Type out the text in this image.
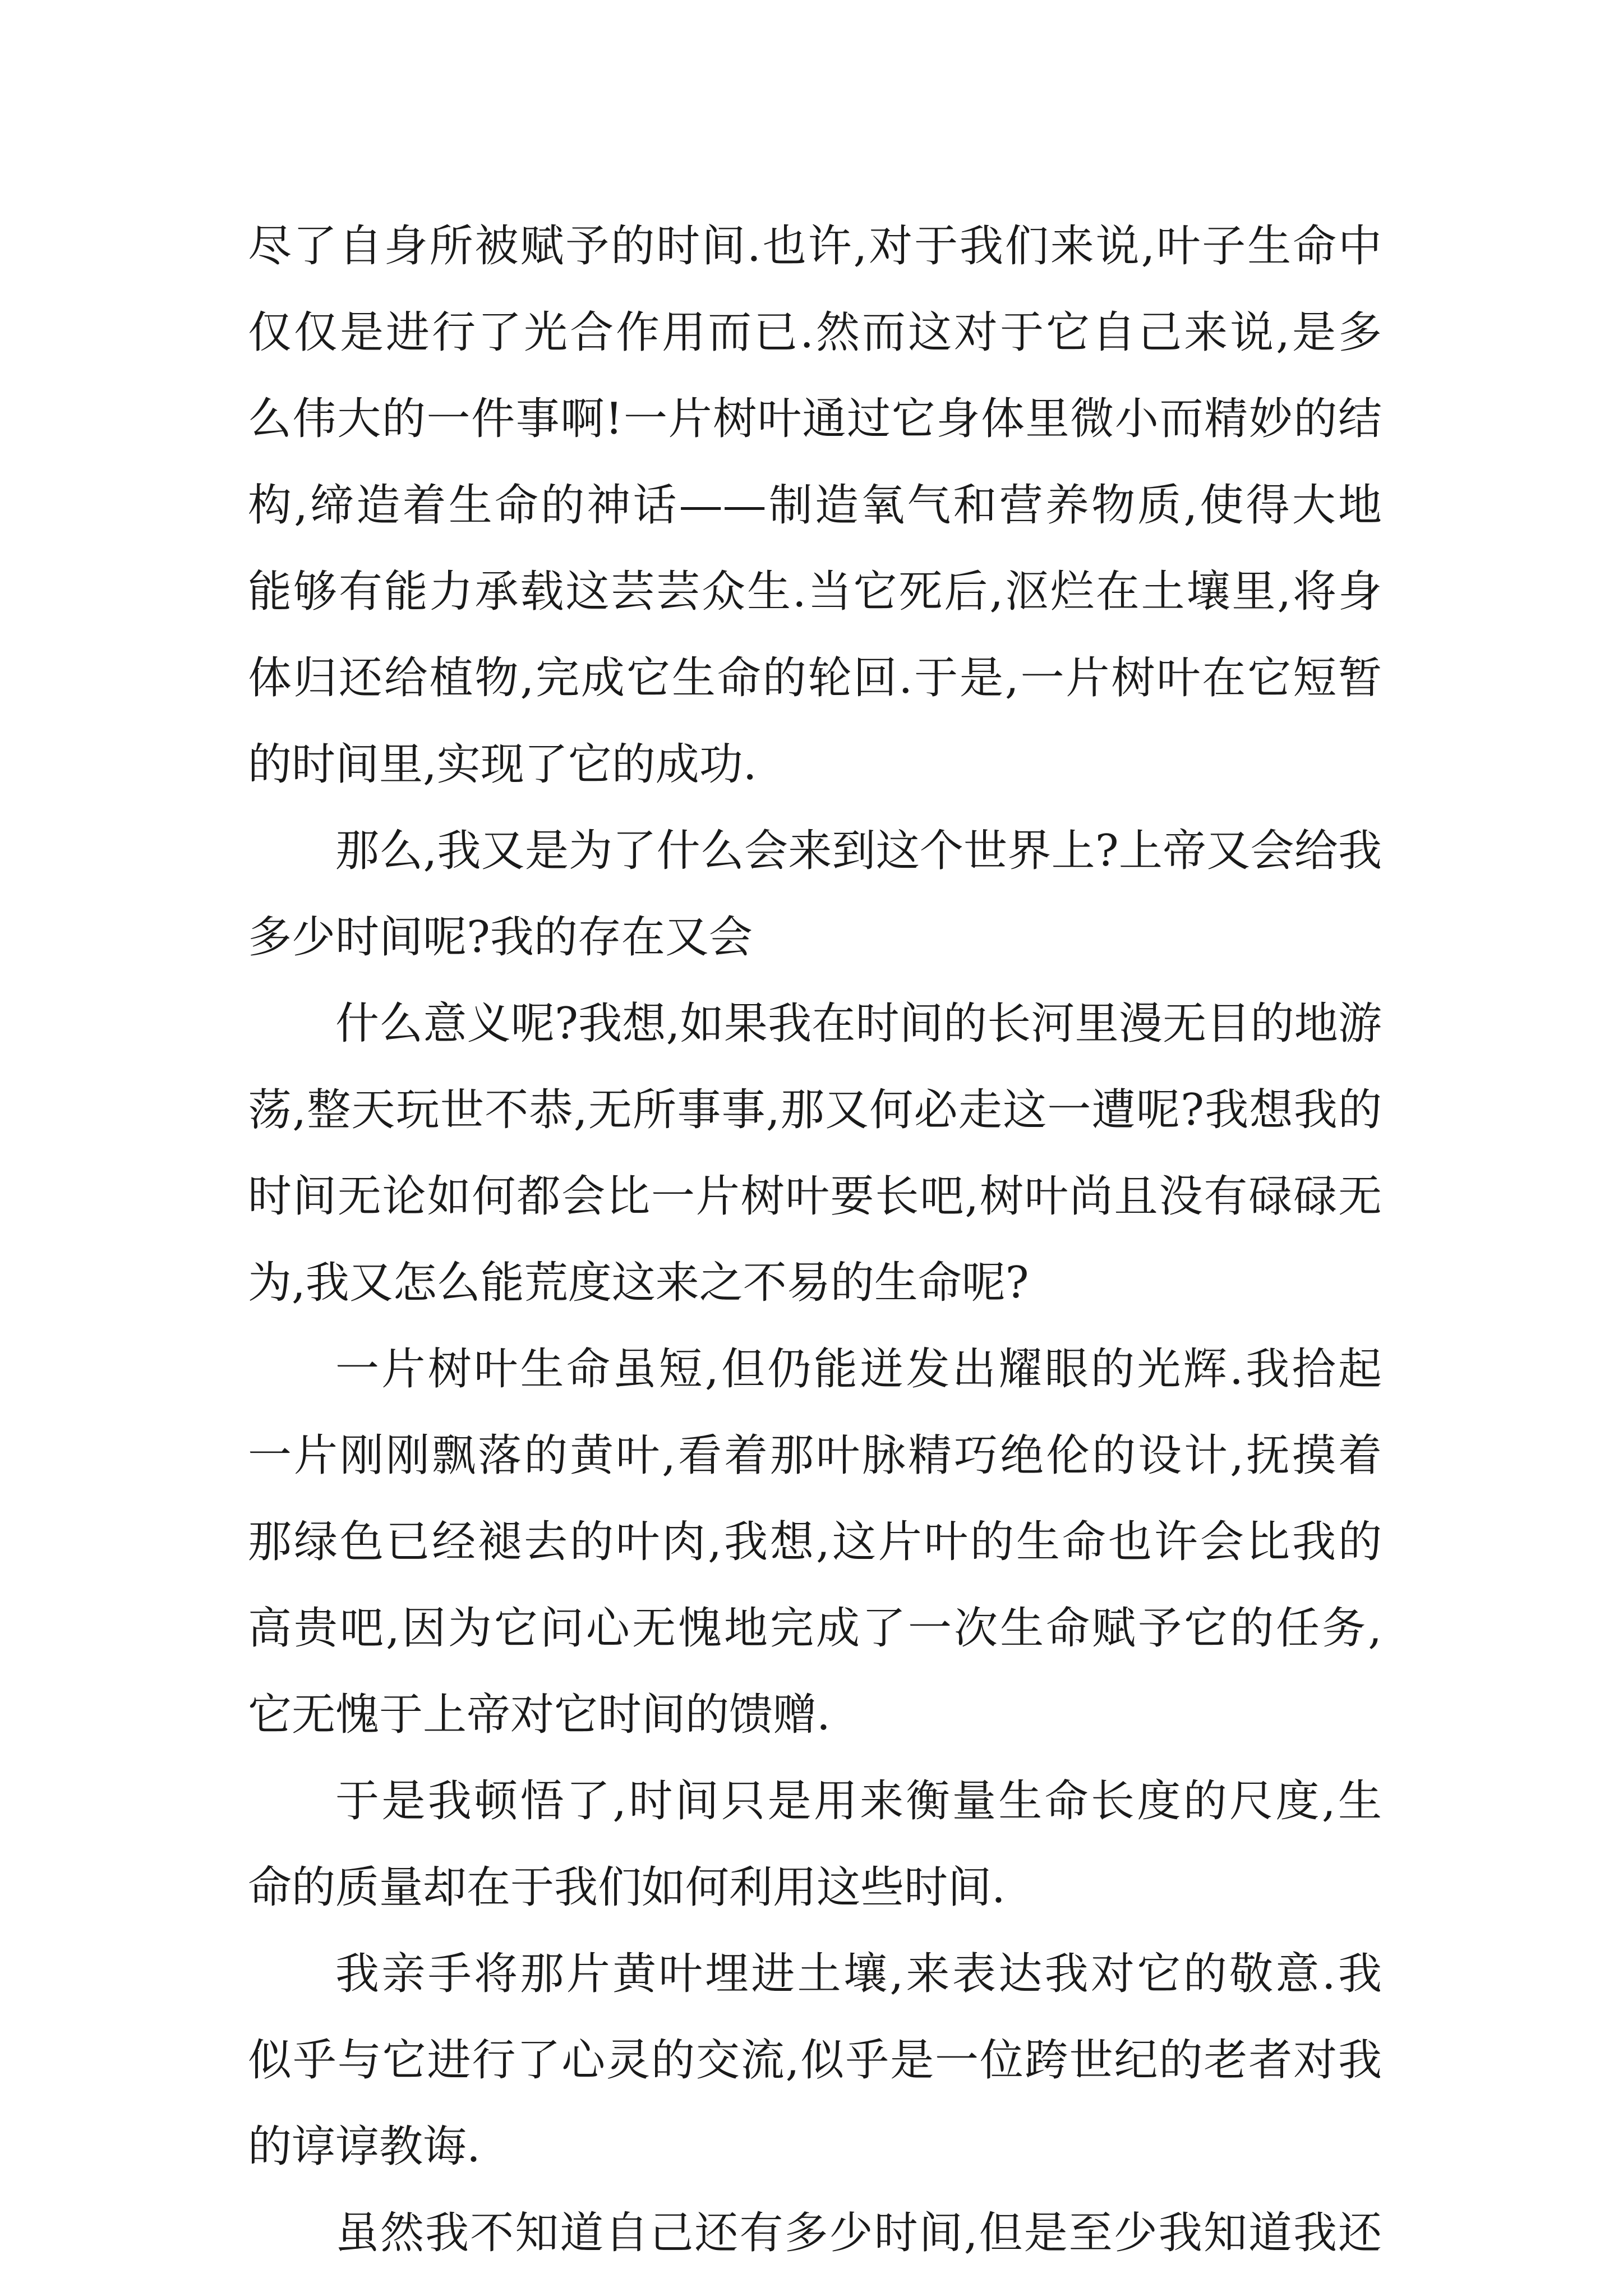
尽了自身所被赋予的时间.也许,对于我们来说,叶子生命中
仅仅是进行了光合作用而已.然而这对于它自己来说,是多
么伟大的一件事啊!一片树叶通过它身体里微小而精妙的结
构,缔造着生命的神话——制造氧气和营养物质,使得大地
能够有能力承载这芸芸众生.当它死后,沤烂在土壤里,将身
体归还给植物,完成它生命的轮回.于是,一片树叶在它短暂
的时间里,实现了它的成功.
那么,我又是为了什么会来到这个世界上?上帝又会给我
多少时间呢?我的存在又会
什么意义呢?我想,如果我在时间的长河里漫无目的地游
荡,整天玩世不恭,无所事事,那又何必走这一遭呢?我想我的
时间无论如何都会比一片树叶要长吧,树叶尚且没有碌碌无
为,我又怎么能荒度这来之不易的生命呢?
一片树叶生命虽短,但仍能迸发出耀眼的光辉.我拾起
一片刚刚飘落的黄叶,看着那叶脉精巧绝伦的设计,抚摸着
那绿色已经褪去的叶肉,我想,这片叶的生命也许会比我的
高贵吧,因为它问心无愧地完成了一次生命赋予它的任务,
它无愧于上帝对它时间的馈赠.
于是我顿悟了,时间只是用来衡量生命长度的尺度,生
命的质量却在于我们如何利用这些时间.
我亲手将那片黄叶埋进土壤,来表达我对它的敬意.我
似乎与它进行了心灵的交流,似乎是一位跨世纪的老者对我
的谆谆教诲.
虽然我不知道自己还有多少时间,但是至少我知道我还
